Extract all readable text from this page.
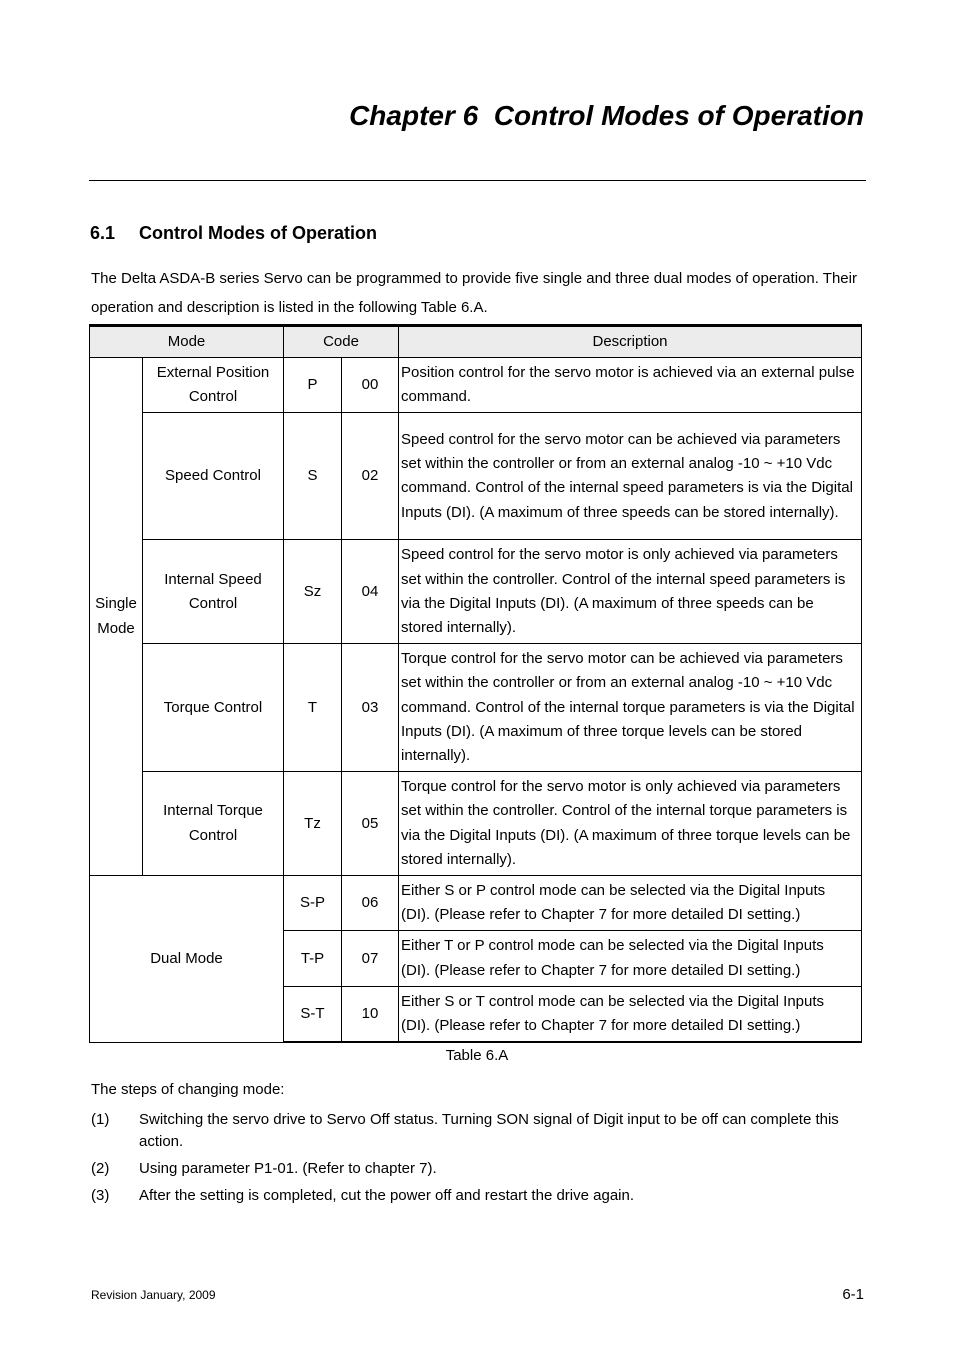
Chapter 6  Control Modes of Operation
6.1 Control Modes of Operation

The Delta ASDA-B series Servo can be programmed to provide five single and three dual modes of operation. Their operation and description is listed in the following Table 6.A.

Mode		Code		Description
Single Mode	External Position Control	P	00	Position control for the servo motor is achieved via an external pulse command.
	Speed Control	S	02	Speed control for the servo motor can be achieved via parameters set within the controller or from an external analog -10 ~ +10 Vdc command. Control of the internal speed parameters is via the Digital Inputs (DI). (A maximum of three speeds can be stored internally).
	Internal Speed Control	Sz	04	Speed control for the servo motor is only achieved via parameters set within the controller. Control of the internal speed parameters is via the Digital Inputs (DI). (A maximum of three speeds can be stored internally).
	Torque Control	T	03	Torque control for the servo motor can be achieved via parameters set within the controller or from an external analog -10 ~ +10 Vdc command. Control of the internal torque parameters is via the Digital Inputs (DI). (A maximum of three torque levels can be stored internally).
	Internal Torque Control	Tz	05	Torque control for the servo motor is only achieved via parameters set within the controller. Control of the internal torque parameters is via the Digital Inputs (DI). (A maximum of three torque levels can be stored internally).
Dual Mode		S-P	06	Either S or P control mode can be selected via the Digital Inputs (DI). (Please refer to Chapter 7 for more detailed DI setting.)
		T-P	07	Either T or P control mode can be selected via the Digital Inputs (DI). (Please refer to Chapter 7 for more detailed DI setting.)
		S-T	10	Either S or T control mode can be selected via the Digital Inputs (DI). (Please refer to Chapter 7 for more detailed DI setting.)

Table 6.A

The steps of changing mode:

(1) Switching the servo drive to Servo Off status. Turning SON signal of Digit input to be off can complete this action.
(2) Using parameter P1-01. (Refer to chapter 7).
(3) After the setting is completed, cut the power off and restart the drive again.

Revision January, 2009	6-1
